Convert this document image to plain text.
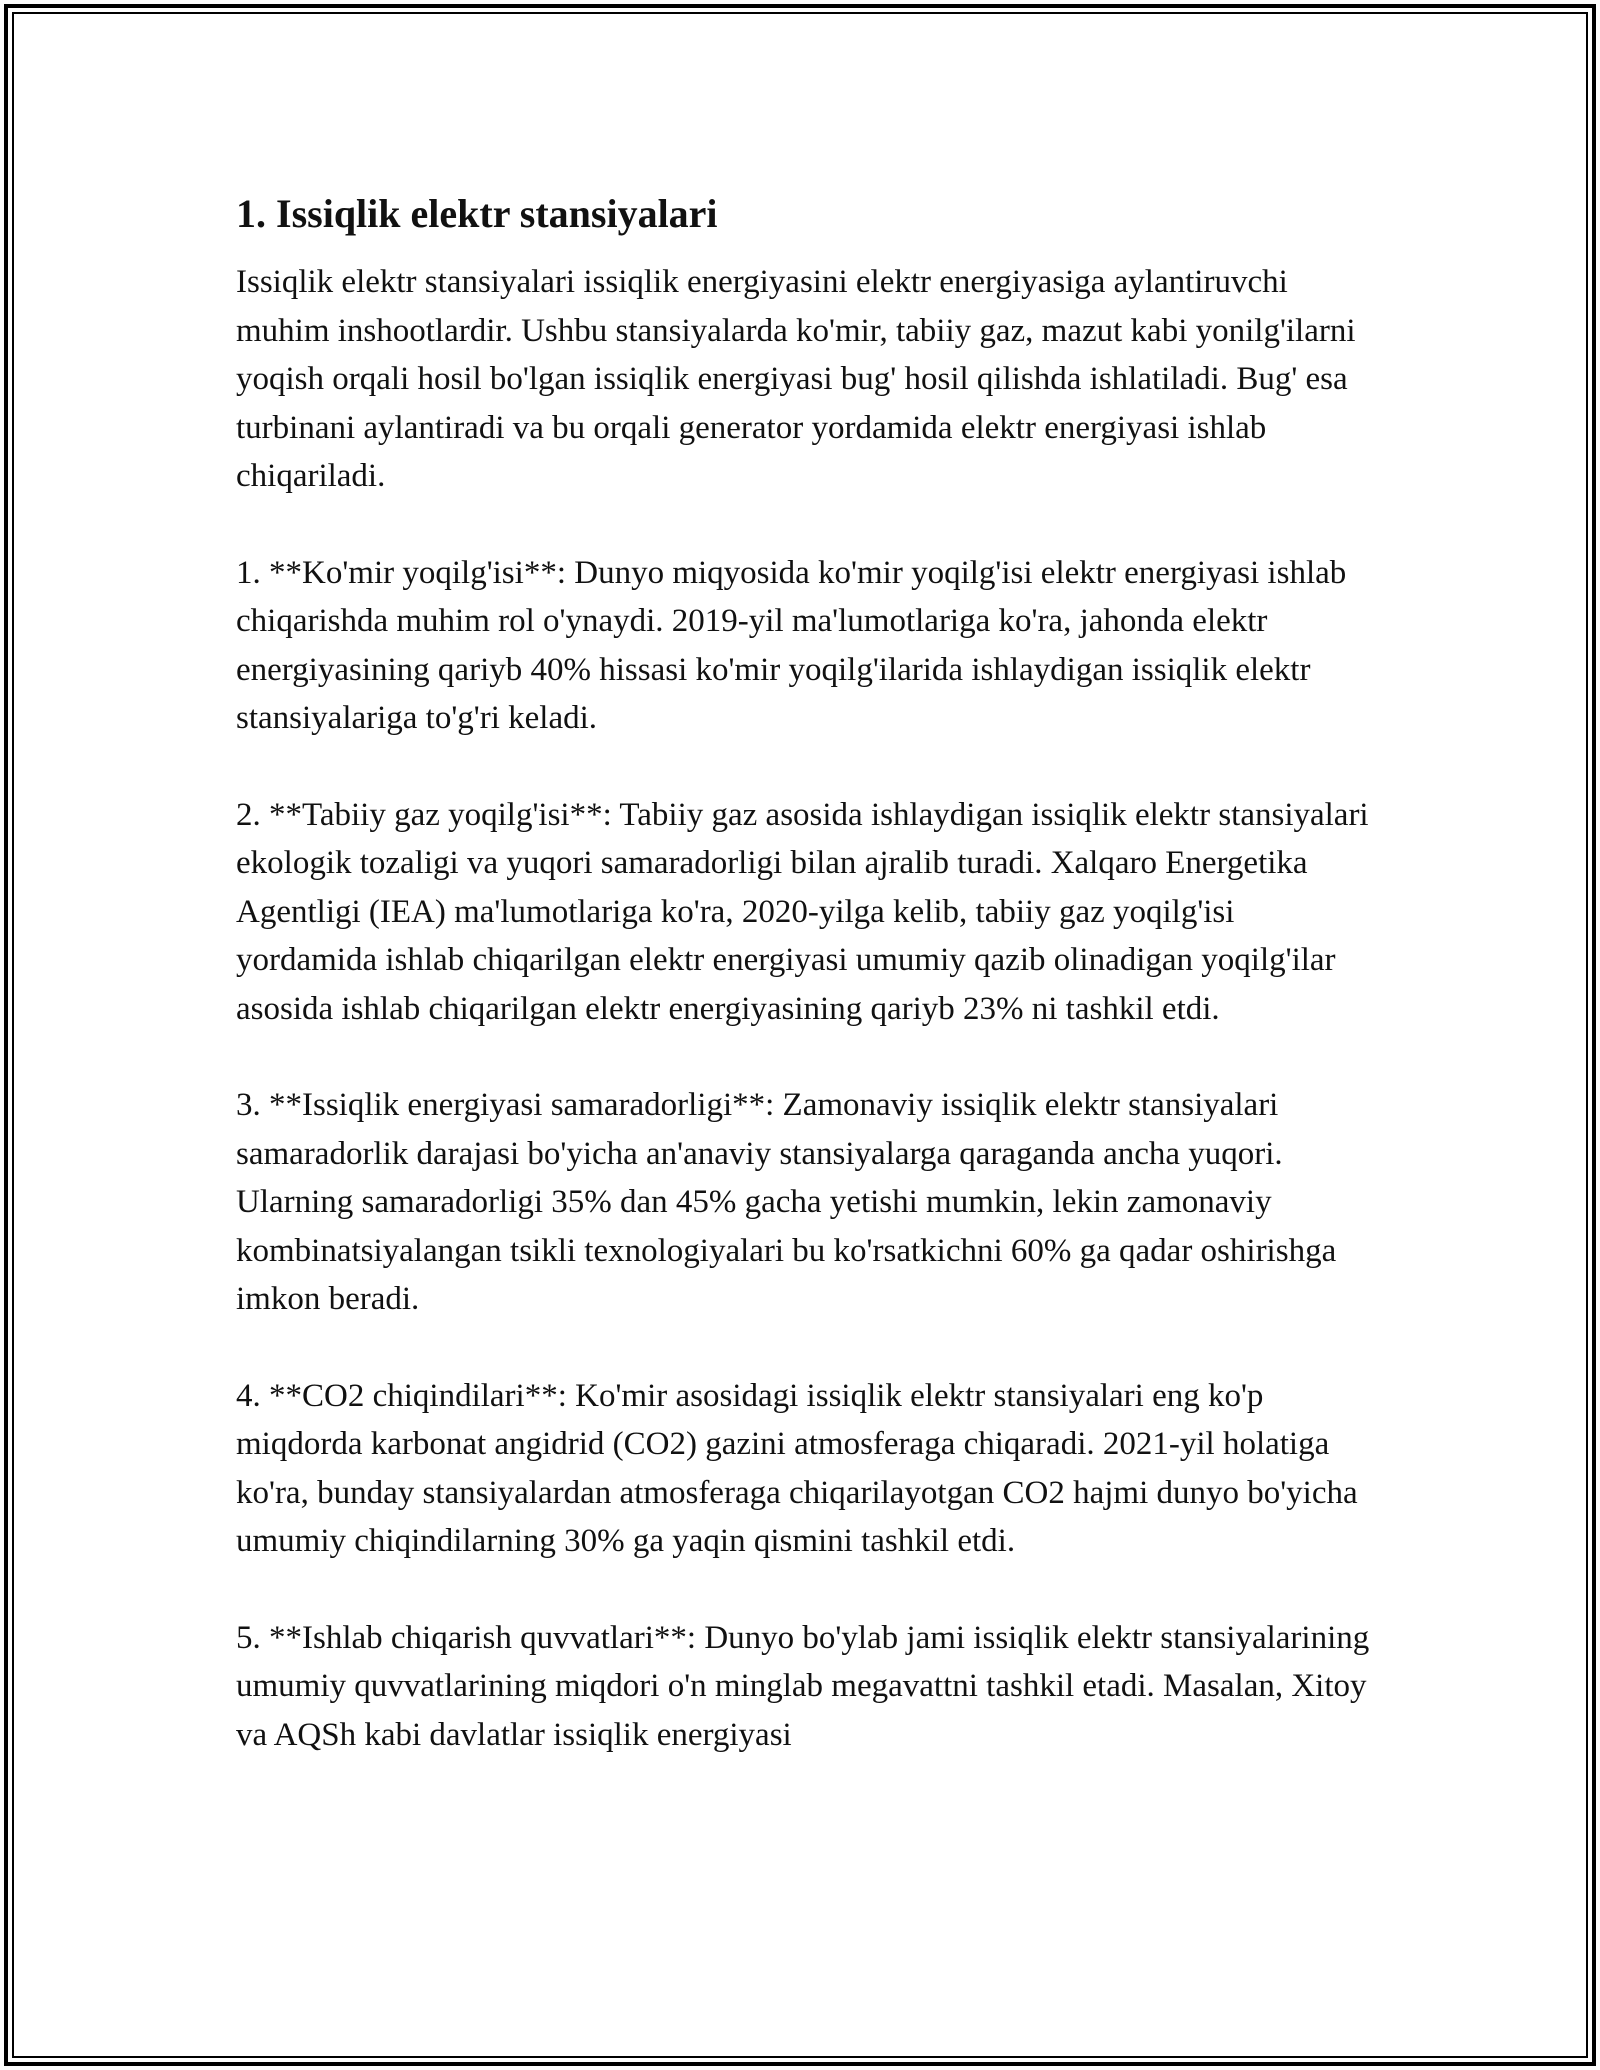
1. Issiqlik elektr stansiyalari

Issiqlik elektr stansiyalari issiqlik energiyasini elektr energiyasiga aylantiruvchi muhim inshootlardir. Ushbu stansiyalarda ko'mir, tabiiy gaz, mazut kabi yonilg'ilarni yoqish orqali hosil bo'lgan issiqlik energiyasi bug' hosil qilishda ishlatiladi. Bug' esa turbinani aylantiradi va bu orqali generator yordamida elektr energiyasi ishlab chiqariladi.

1. **Ko'mir yoqilg'isi**: Dunyo miqyosida ko'mir yoqilg'isi elektr energiyasi ishlab chiqarishda muhim rol o'ynaydi. 2019-yil ma'lumotlariga ko'ra, jahonda elektr energiyasining qariyb 40% hissasi ko'mir yoqilg'ilarida ishlaydigan issiqlik elektr stansiyalariga to'g'ri keladi.

2. **Tabiiy gaz yoqilg'isi**: Tabiiy gaz asosida ishlaydigan issiqlik elektr stansiyalari ekologik tozaligi va yuqori samaradorligi bilan ajralib turadi. Xalqaro Energetika Agentligi (IEA) ma'lumotlariga ko'ra, 2020-yilga kelib, tabiiy gaz yoqilg'isi yordamida ishlab chiqarilgan elektr energiyasi umumiy qazib olinadigan yoqilg'ilar asosida ishlab chiqarilgan elektr energiyasining qariyb 23% ni tashkil etdi.

3. **Issiqlik energiyasi samaradorligi**: Zamonaviy issiqlik elektr stansiyalari samaradorlik darajasi bo'yicha an'anaviy stansiyalarga qaraganda ancha yuqori. Ularning samaradorligi 35% dan 45% gacha yetishi mumkin, lekin zamonaviy kombinatsiyalangan tsikli texnologiyalari bu ko'rsatkichni 60% ga qadar oshirishga imkon beradi.

4. **CO2 chiqindilari**: Ko'mir asosidagi issiqlik elektr stansiyalari eng ko'p miqdorda karbonat angidrid (CO2) gazini atmosferaga chiqaradi. 2021-yil holatiga ko'ra, bunday stansiyalardan atmosferaga chiqarilayotgan CO2 hajmi dunyo bo'yicha umumiy chiqindilarning 30% ga yaqin qismini tashkil etdi.

5. **Ishlab chiqarish quvvatlari**: Dunyo bo'ylab jami issiqlik elektr stansiyalarining umumiy quvvatlarining miqdori o'n minglab megavattni tashkil etadi. Masalan, Xitoy va AQSh kabi davlatlar issiqlik energiyasi
